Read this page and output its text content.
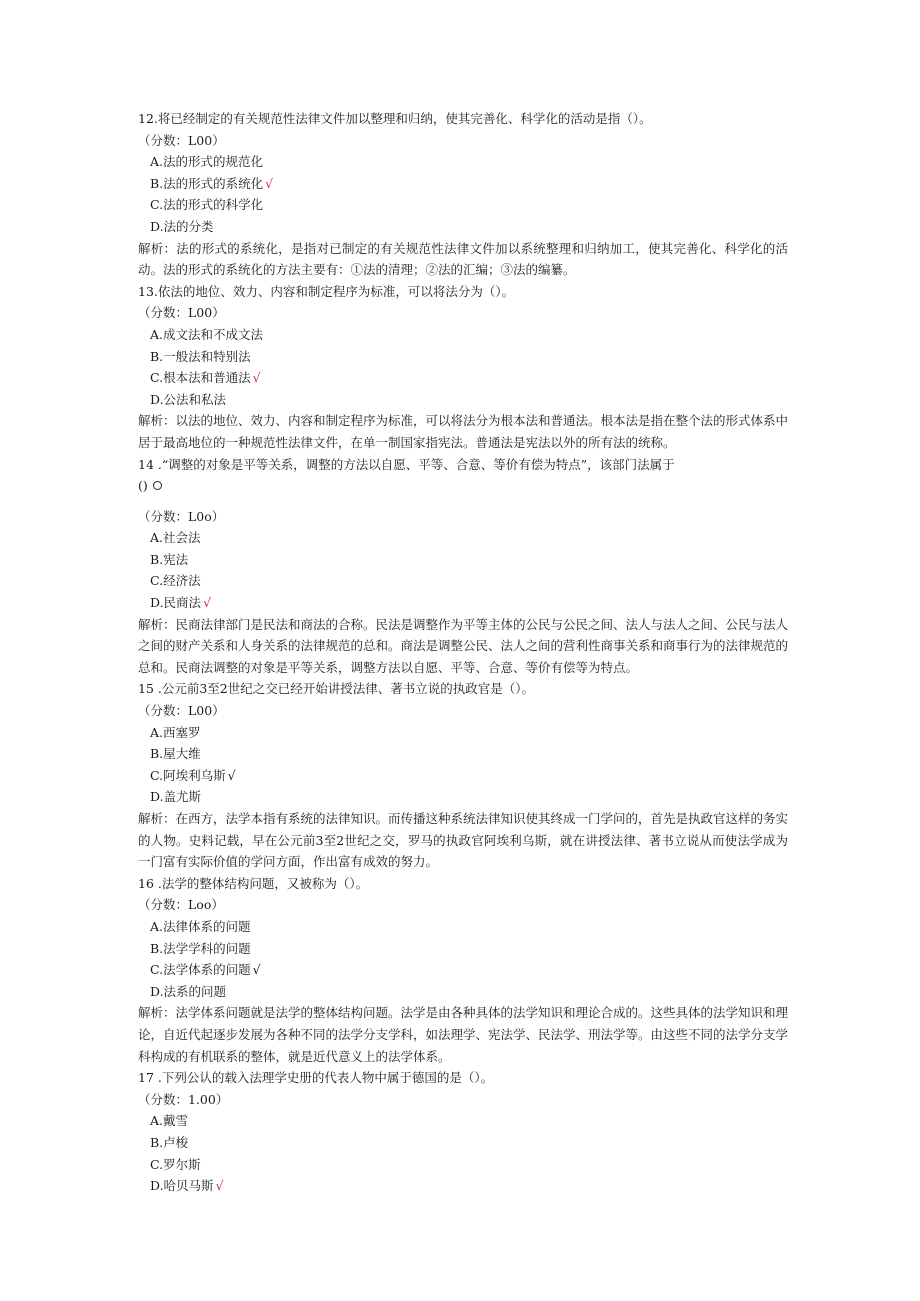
12.将已经制定的有关规范性法律文件加以整理和归纳，使其完善化、科学化的活动是指（）。
（分数：L00）
A.法的形式的规范化
B.法的形式的系统化 √
C.法的形式的科学化
D.法的分类
解析：法的形式的系统化，是指对已制定的有关规范性法律文件加以系统整理和归纳加工，使其完善化、科学化的活动。法的形式的系统化的方法主要有：①法的清理；②法的汇编；③法的编纂。
13.依法的地位、效力、内容和制定程序为标准，可以将法分为（）。
（分数：L00）
A.成文法和不成文法
B.一般法和特别法
C.根本法和普通法 √
D.公法和私法
解析：以法的地位、效力、内容和制定程序为标准，可以将法分为根本法和普通法。根本法是指在整个法的形式体系中居于最高地位的一种规范性法律文件，在单一制国家指宪法。普通法是宪法以外的所有法的统称。
14 .“调整的对象是平等关系，调整的方法以自愿、平等、合意、等价有偿为特点”，该部门法属于
()
（分数：L0o）
A.社会法
B.宪法
C.经济法
D.民商法 √
解析：民商法律部门是民法和商法的合称。民法是调整作为平等主体的公民与公民之间、法人与法人之间、公民与法人之间的财产关系和人身关系的法律规范的总和。商法是调整公民、法人之间的营利性商事关系和商事行为的法律规范的总和。民商法调整的对象是平等关系，调整方法以自愿、平等、合意、等价有偿等为特点。
15 .公元前3至2世纪之交已经开始讲授法律、著书立说的执政官是（）。
（分数：L00）
A.西塞罗
B.屋大维
C.阿埃利乌斯 √
D.盖尤斯
解析：在西方，法学本指有系统的法律知识。而传播这种系统法律知识使其终成一门学问的，首先是执政官这样的务实的人物。史料记载，早在公元前3至2世纪之交，罗马的执政官阿埃利乌斯，就在讲授法律、著书立说从而使法学成为一门富有实际价值的学问方面，作出富有成效的努力。
16 .法学的整体结构问题，又被称为（）。
（分数：Loo）
A.法律体系的问题
B.法学学科的问题
C.法学体系的问题 √
D.法系的问题
解析：法学体系问题就是法学的整体结构问题。法学是由各种具体的法学知识和理论合成的。这些具体的法学知识和理论，自近代起逐步发展为各种不同的法学分支学科，如法理学、宪法学、民法学、刑法学等。由这些不同的法学分支学科构成的有机联系的整体，就是近代意义上的法学体系。
17 .下列公认的载入法理学史册的代表人物中属于德国的是（）。
（分数：1.00）
A.戴雪
B.卢梭
C.罗尔斯
D.哈贝马斯 √
